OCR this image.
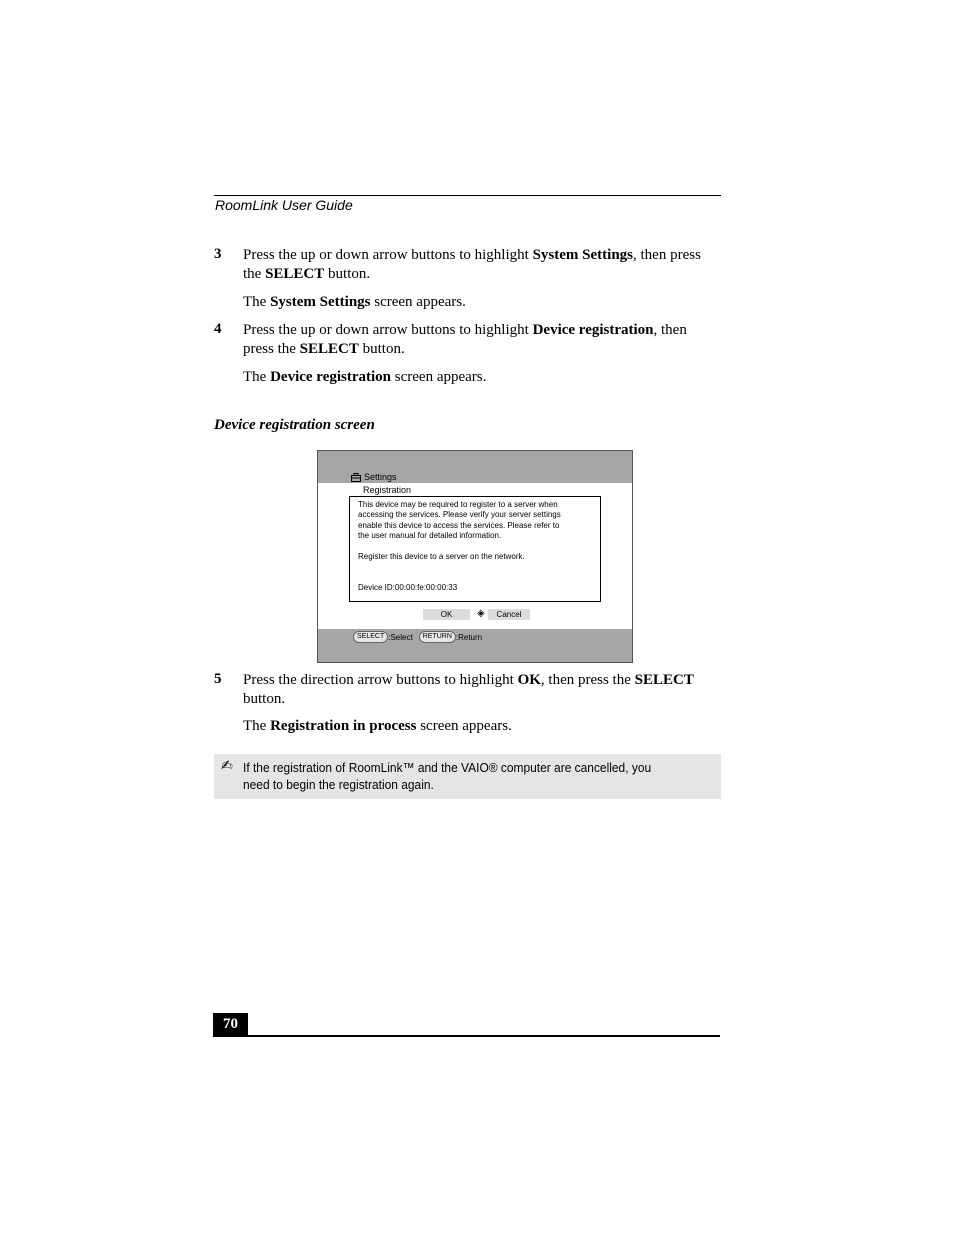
RoomLink User Guide
3 Press the up or down arrow buttons to highlight System Settings, then press
the SELECT button.
The System Settings screen appears.
4 Press the up or down arrow buttons to highlight Device registration, then
press the SELECT button.
The Device registration screen appears.
Device registration screen
Settings
Registration
This device may be required to register to a server when
accessing the services. Please verify your server settings
enable this device to access the services. Please refer to
the user manual for detailed information.
Register this device to a server on the network.
Device ID:00:00:fe:00:00:33
OK	◈	Cancel
SELECT :Select	RETURN :Return
5 Press the direction arrow buttons to highlight OK, then press the SELECT
button.
The Registration in process screen appears.
✍ If the registration of RoomLink™ and the VAIO® computer are cancelled, you need to begin the registration again.
70
